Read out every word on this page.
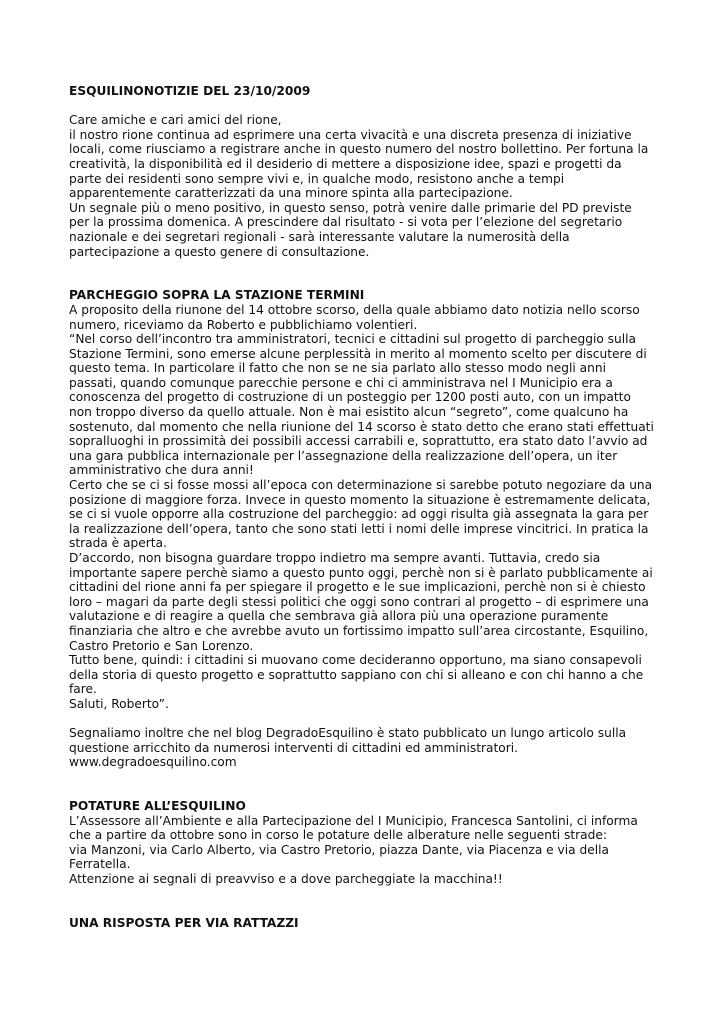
ESQUILINONOTIZIE DEL 23/10/2009

Care amiche e cari amici del rione,
il nostro rione continua ad esprimere una certa vivacità e una discreta presenza di iniziative
locali, come riusciamo a registrare anche in questo numero del nostro bollettino. Per fortuna la
creatività, la disponibilità ed il desiderio di mettere a disposizione idee, spazi e progetti da
parte dei residenti sono sempre vivi e, in qualche modo, resistono anche a tempi
apparentemente caratterizzati da una minore spinta alla partecipazione.
Un segnale più o meno positivo, in questo senso, potrà venire dalle primarie del PD previste
per la prossima domenica. A prescindere dal risultato - si vota per l’elezione del segretario
nazionale e dei segretari regionali - sarà interessante valutare la numerosità della
partecipazione a questo genere di consultazione.

PARCHEGGIO SOPRA LA STAZIONE TERMINI

A proposito della riunone del 14 ottobre scorso, della quale abbiamo dato notizia nello scorso
numero, riceviamo da Roberto e pubblichiamo volentieri.
“Nel corso dell’incontro tra amministratori, tecnici e cittadini sul progetto di parcheggio sulla
Stazione Termini, sono emerse alcune perplessità in merito al momento scelto per discutere di
questo tema. In particolare il fatto che non se ne sia parlato allo stesso modo negli anni
passati, quando comunque parecchie persone e chi ci amministrava nel I Municipio era a
conoscenza del progetto di costruzione di un posteggio per 1200 posti auto, con un impatto
non troppo diverso da quello attuale. Non è mai esistito alcun “segreto”, come qualcuno ha
sostenuto, dal momento che nella riunione del 14 scorso è stato detto che erano stati effettuati
sopralluoghi in prossimità dei possibili accessi carrabili e, soprattutto, era stato dato l’avvio ad
una gara pubblica internazionale per l’assegnazione della realizzazione dell’opera, un iter
amministrativo che dura anni!
Certo che se ci si fosse mossi all’epoca con determinazione si sarebbe potuto negoziare da una
posizione di maggiore forza. Invece in questo momento la situazione è estremamente delicata,
se ci si vuole opporre alla costruzione del parcheggio: ad oggi risulta già assegnata la gara per
la realizzazione dell’opera, tanto che sono stati letti i nomi delle imprese vincitrici. In pratica la
strada è aperta.
D’accordo, non bisogna guardare troppo indietro ma sempre avanti. Tuttavia, credo sia
importante sapere perchè siamo a questo punto oggi, perchè non si è parlato pubblicamente ai
cittadini del rione anni fa per spiegare il progetto e le sue implicazioni, perchè non si è chiesto
loro – magari da parte degli stessi politici che oggi sono contrari al progetto – di esprimere una
valutazione e di reagire a quella che sembrava già allora più una operazione puramente
finanziaria che altro e che avrebbe avuto un fortissimo impatto sull’area circostante, Esquilino,
Castro Pretorio e San Lorenzo.
Tutto bene, quindi: i cittadini si muovano come decideranno opportuno, ma siano consapevoli
della storia di questo progetto e soprattutto sappiano con chi si alleano e con chi hanno a che
fare.
Saluti, Roberto”.
Segnaliamo inoltre che nel blog DegradoEsquilino è stato pubblicato un lungo articolo sulla
questione arricchito da numerosi interventi di cittadini ed amministratori.
www.degradoesquilino.com

POTATURE ALL’ESQUILINO

L’Assessore all’Ambiente e alla Partecipazione del I Municipio, Francesca Santolini, ci informa
che a partire da ottobre sono in corso le potature delle alberature nelle seguenti strade:
via Manzoni, via Carlo Alberto, via Castro Pretorio, piazza Dante, via Piacenza e via della
Ferratella.
Attenzione ai segnali di preavviso e a dove parcheggiate la macchina!!

UNA RISPOSTA PER VIA RATTAZZI
